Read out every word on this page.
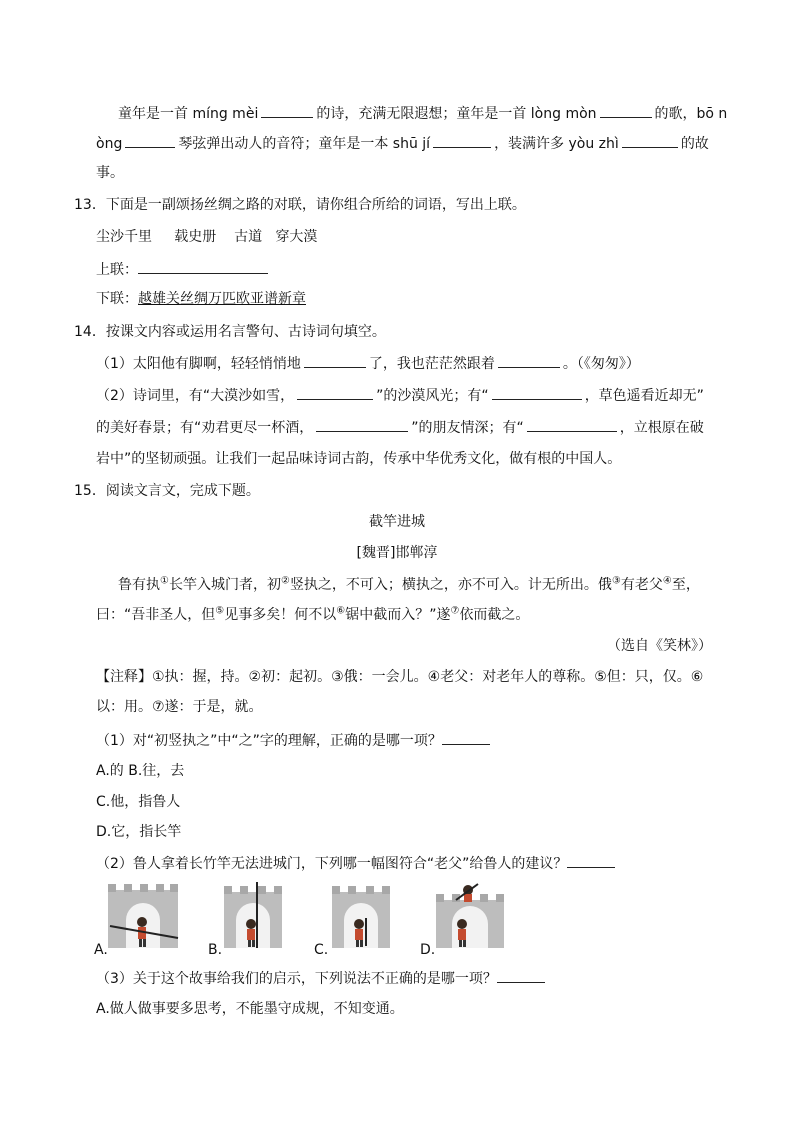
童年是一首 míng mèi	的诗，充满无限遐想；童年是一首 lòng mòn	的歌，bō n
òng	琴弦弹出动人的音符；童年是一本 shū jí	，装满许多 yòu zhì	的故
事。
13．下面是一副颂扬丝绸之路的对联，请你组合所给的词语，写出上联。
尘沙千里 载史册 古道 穿大漠
上联：
下联：越雄关丝绸万匹欧亚谱新章
14．按课文内容或运用名言警句、古诗词句填空。
（1）太阳他有脚啊，轻轻悄悄地	了，我也茫茫然跟着	。（《匆匆》）
（2）诗词里，有“大漠沙如雪，	”的沙漠风光；有“	，草色遥看近却无”
的美好春景；有“劝君更尽一杯酒，	”的朋友情深；有“	，立根原在破
岩中”的坚韧顽强。让我们一起品味诗词古韵，传承中华优秀文化，做有根的中国人。
15．阅读文言文，完成下题。
截竿进城
[魏晋]邯郸淳
鲁有执①长竿入城门者，初②竖执之，不可入；横执之，亦不可入。计无所出。俄③有老父④至，
曰：“吾非圣人，但⑤见事多矣！何不以⑥锯中截而入？”遂⑦依而截之。
（选自《笑林》）
【注释】①执：握，持。②初：起初。③俄：一会儿。④老父：对老年人的尊称。⑤但：只，仅。⑥
以：用。⑦遂：于是，就。
（1）对“初竖执之”中“之”字的理解，正确的是哪一项？
A.的 B.往，去
C.他，指鲁人
D.它，指长竿
（2）鲁人拿着长竹竿无法进城门，下列哪一幅图符合“老父”给鲁人的建议？
A.	B.	C.	D.
（3）关于这个故事给我们的启示，下列说法不正确的是哪一项？
A.做人做事要多思考，不能墨守成规，不知变通。
